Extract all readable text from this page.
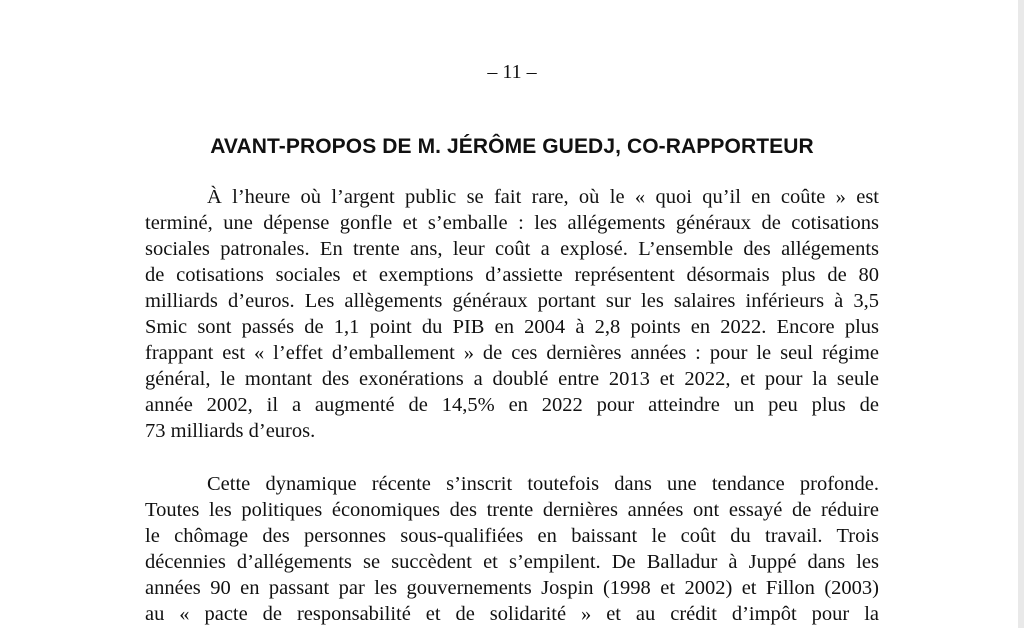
– 11 –
AVANT-PROPOS DE M. JÉRÔME GUEDJ, CO-RAPPORTEUR
À l’heure où l’argent public se fait rare, où le « quoi qu’il en coûte » est
terminé, une dépense gonfle et s’emballe : les allégements généraux de cotisations
sociales patronales. En trente ans, leur coût a explosé. L’ensemble des allégements
de cotisations sociales et exemptions d’assiette représentent désormais plus de 80
milliards d’euros. Les allègements généraux portant sur les salaires inférieurs à 3,5
Smic sont passés de 1,1 point du PIB en 2004 à 2,8 points en 2022. Encore plus
frappant est « l’effet d’emballement » de ces dernières années : pour le seul régime
général, le montant des exonérations a doublé entre 2013 et 2022, et pour la seule
année 2002, il a augmenté de 14,5% en 2022 pour atteindre un peu plus de
73 milliards d’euros.
Cette dynamique récente s’inscrit toutefois dans une tendance profonde.
Toutes les politiques économiques des trente dernières années ont essayé de réduire
le chômage des personnes sous-qualifiées en baissant le coût du travail. Trois
décennies d’allégements se succèdent et s’empilent. De Balladur à Juppé dans les
années 90 en passant par les gouvernements Jospin (1998 et 2002) et Fillon (2003)
au « pacte de responsabilité et de solidarité » et au crédit d’impôt pour la
